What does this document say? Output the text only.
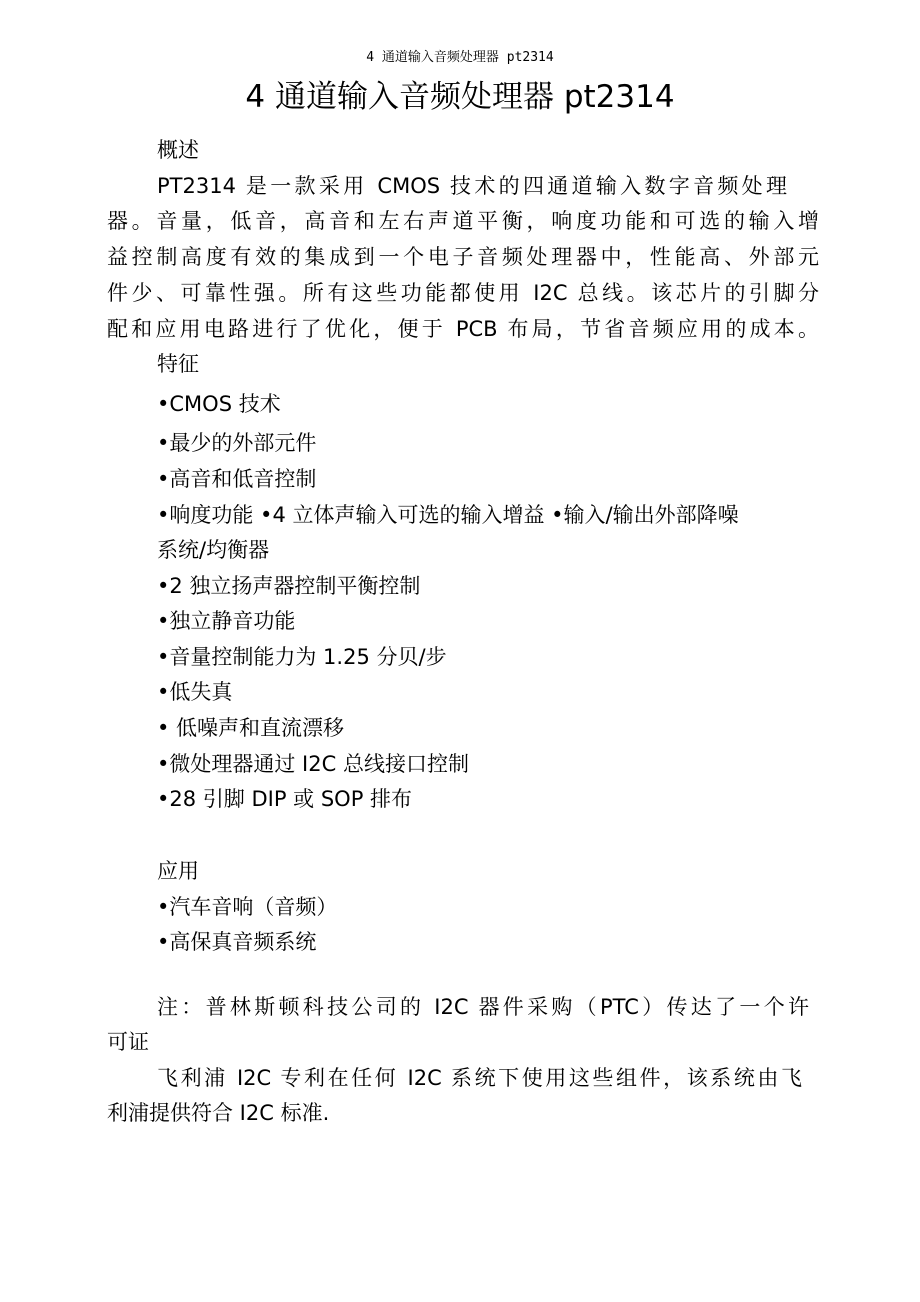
4 通道输入音频处理器 pt2314
4 通道输入音频处理器 pt2314

概述

PT2314 是一款采用 CMOS 技术的四通道输入数字音频处理

器。音量，低音，高音和左右声道平衡，响度功能和可选的输入增

益控制高度有效的集成到一个电子音频处理器中，性能高、外部元

件少、可靠性强。所有这些功能都使用 I2C 总线。该芯片的引脚分

配和应用电路进行了优化，便于 PCB 布局，节省音频应用的成本。

特征

•CMOS 技术

•最少的外部元件

•高音和低音控制

•响度功能 •4 立体声输入可选的输入增益 •输入/输出外部降噪

系统/均衡器

•2 独立扬声器控制平衡控制

•独立静音功能

•音量控制能力为 1.25 分贝/步

•低失真

• 低噪声和直流漂移

•微处理器通过 I2C 总线接口控制

•28 引脚 DIP 或 SOP 排布

应用

•汽车音响（音频）

•高保真音频系统

注：普林斯顿科技公司的 I2C 器件采购（PTC）传达了一个许

可证

飞利浦 I2C 专利在任何 I2C 系统下使用这些组件，该系统由飞

利浦提供符合 I2C 标准.
